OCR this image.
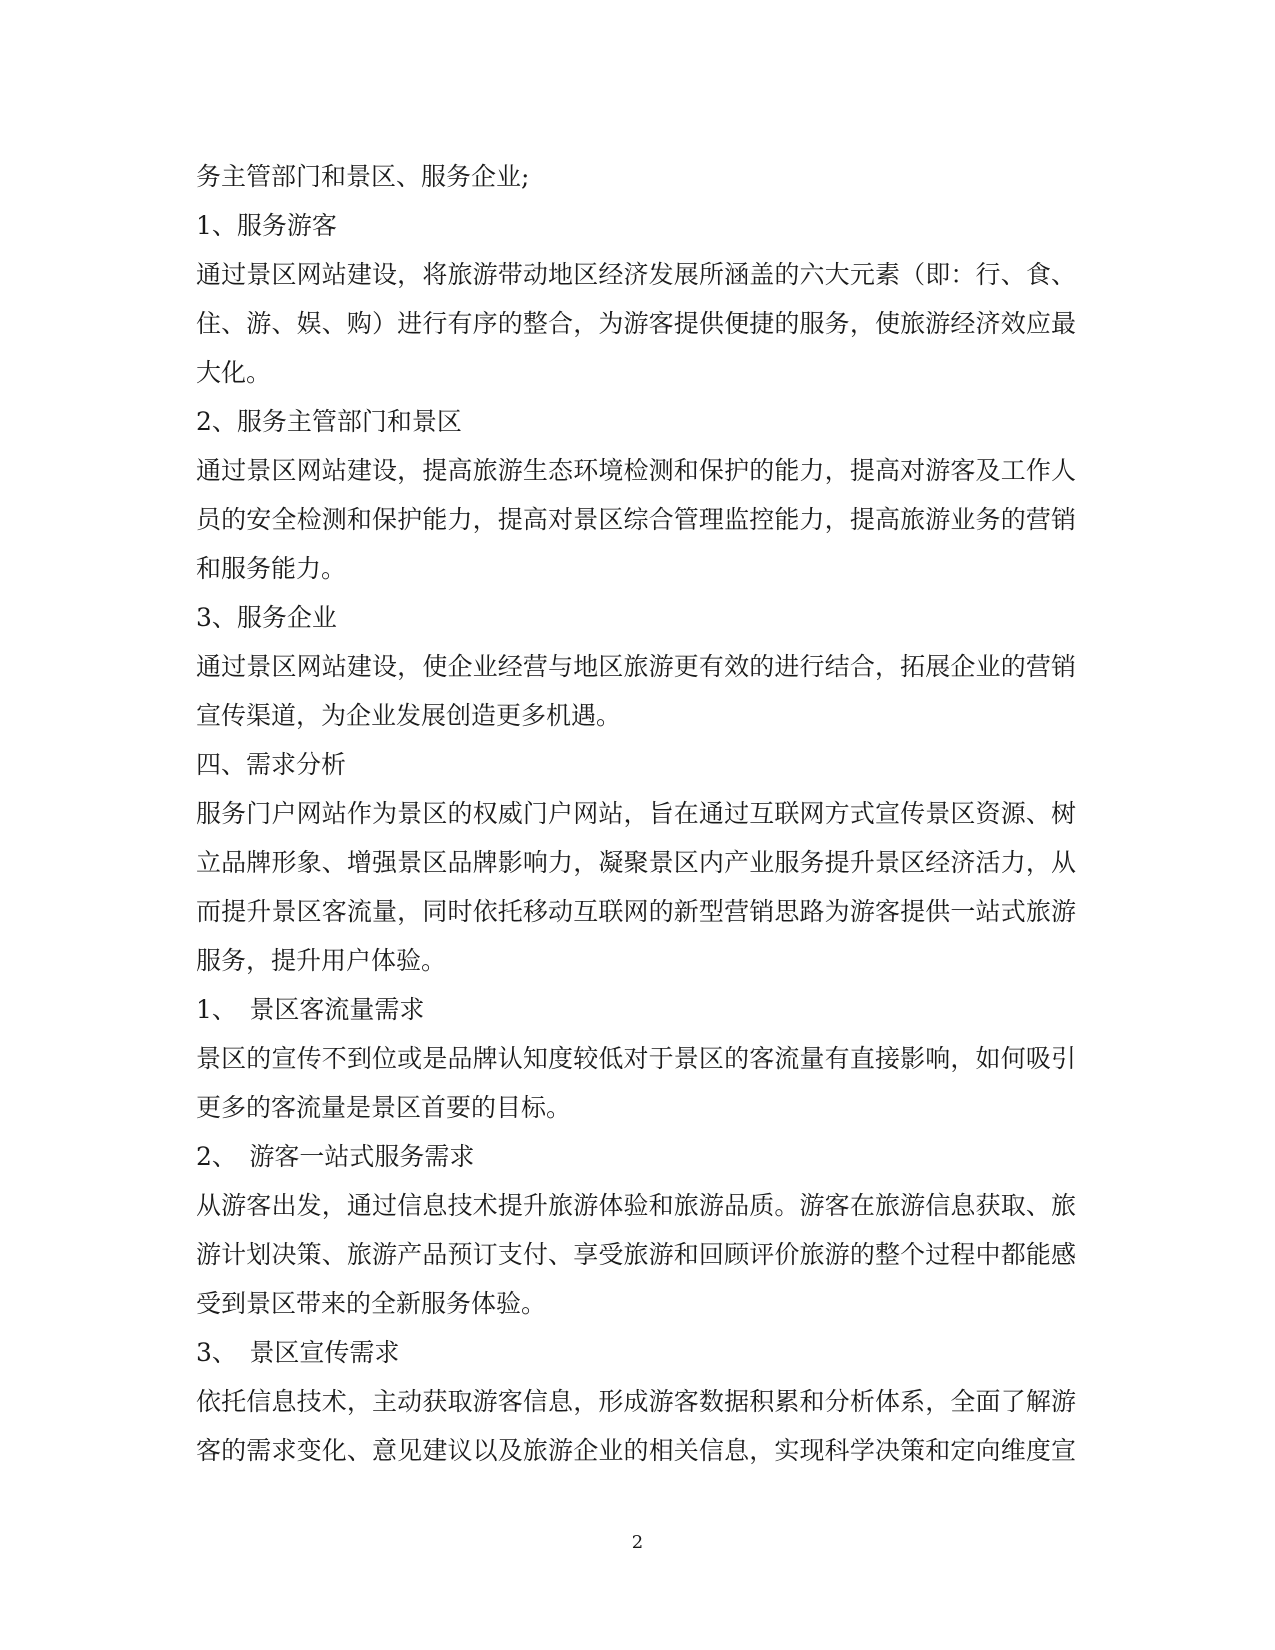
务主管部门和景区、服务企业;
1、服务游客
通过景区网站建设，将旅游带动地区经济发展所涵盖的六大元素（即：行、食、
住、游、娱、购）进行有序的整合，为游客提供便捷的服务，使旅游经济效应最
大化。
2、服务主管部门和景区
通过景区网站建设，提高旅游生态环境检测和保护的能力，提高对游客及工作人
员的安全检测和保护能力，提高对景区综合管理监控能力，提高旅游业务的营销
和服务能力。
3、服务企业
通过景区网站建设，使企业经营与地区旅游更有效的进行结合，拓展企业的营销
宣传渠道，为企业发展创造更多机遇。
四、需求分析
服务门户网站作为景区的权威门户网站，旨在通过互联网方式宣传景区资源、树
立品牌形象、增强景区品牌影响力，凝聚景区内产业服务提升景区经济活力，从
而提升景区客流量，同时依托移动互联网的新型营销思路为游客提供一站式旅游
服务，提升用户体验。
1、　景区客流量需求
景区的宣传不到位或是品牌认知度较低对于景区的客流量有直接影响，如何吸引
更多的客流量是景区首要的目标。
2、　游客一站式服务需求
从游客出发，通过信息技术提升旅游体验和旅游品质。游客在旅游信息获取、旅
游计划决策、旅游产品预订支付、享受旅游和回顾评价旅游的整个过程中都能感
受到景区带来的全新服务体验。
3、　景区宣传需求
依托信息技术，主动获取游客信息，形成游客数据积累和分析体系，全面了解游
客的需求变化、意见建议以及旅游企业的相关信息，实现科学决策和定向维度宣
2
